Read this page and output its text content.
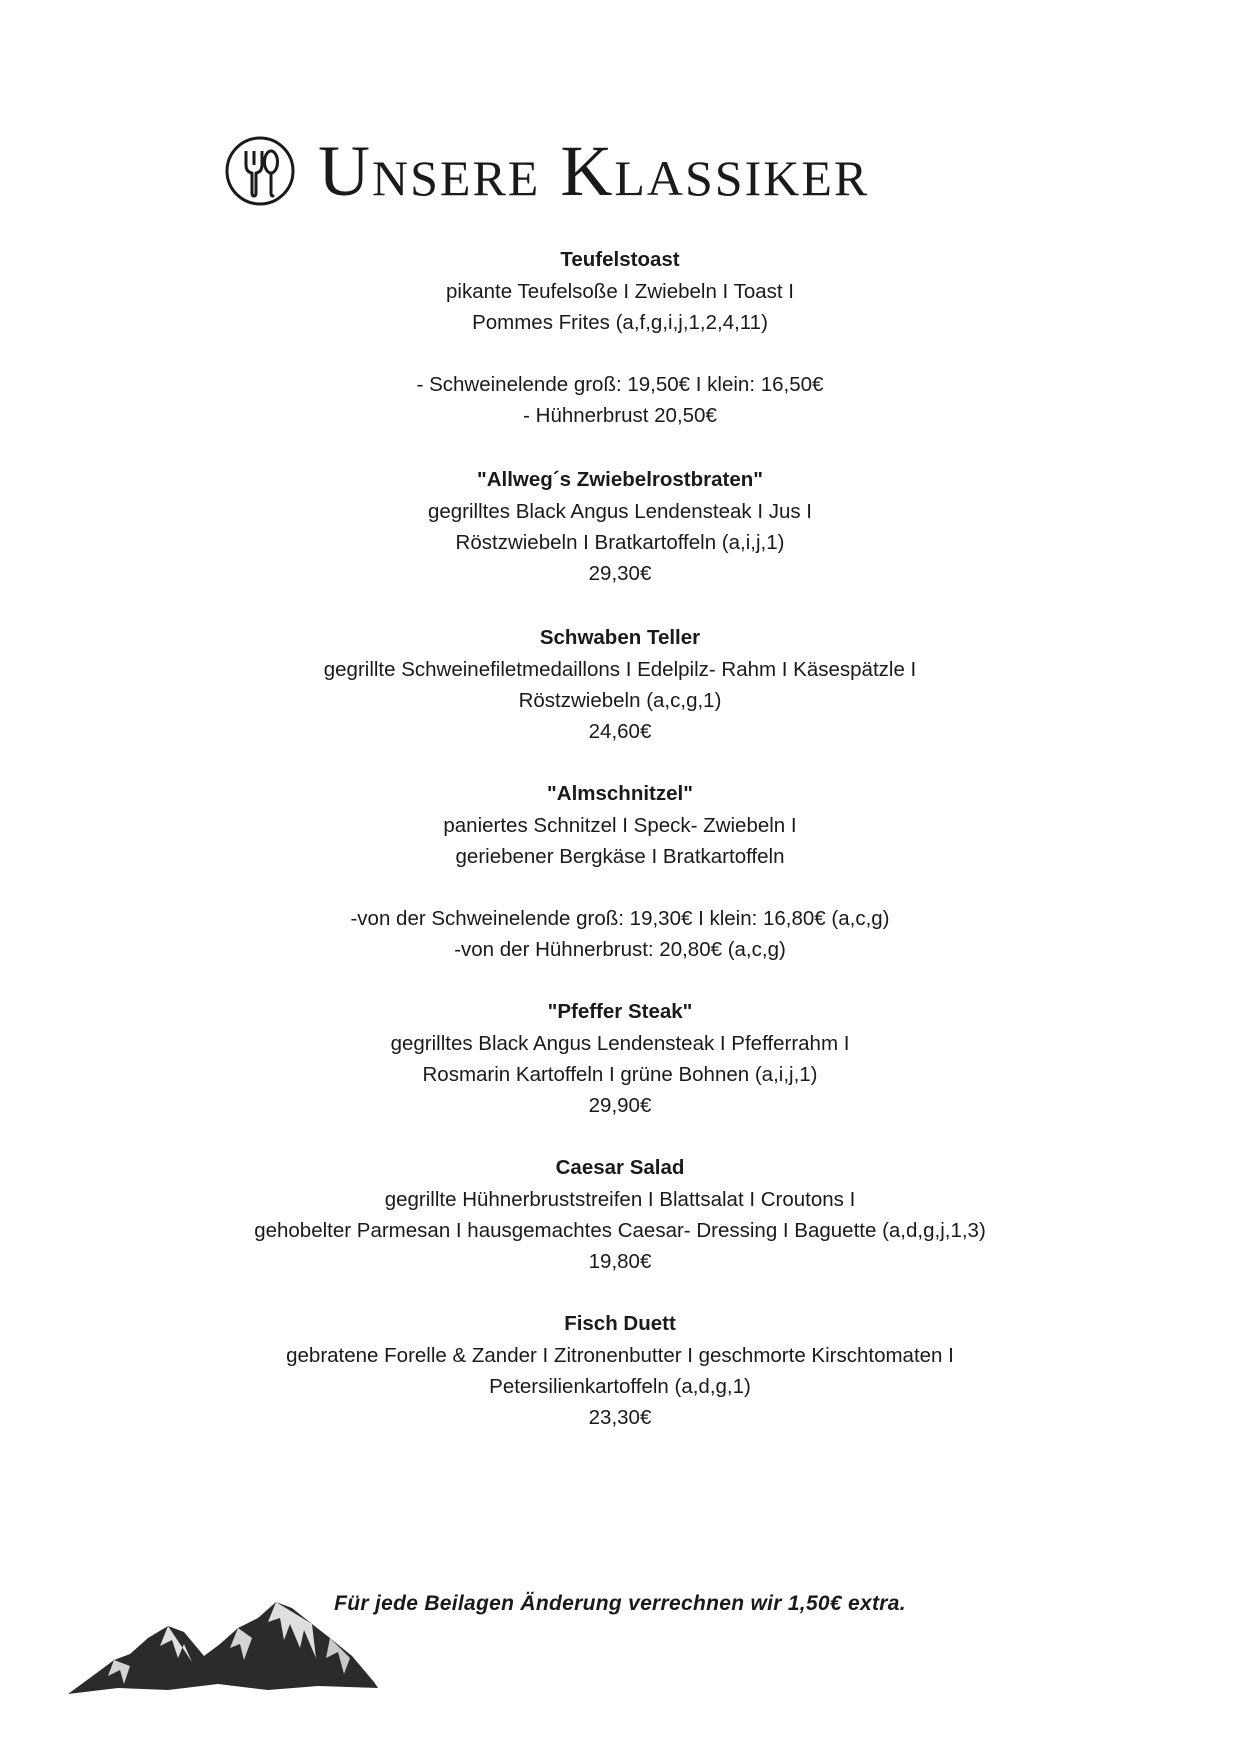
Unsere Klassiker
Teufelstoast
pikante Teufelsoße I Zwiebeln I Toast I
Pommes Frites (a,f,g,i,j,1,2,4,11)
- Schweinelende groß: 19,50€ I klein: 16,50€
- Hühnerbrust 20,50€
"Allweg´s Zwiebelrostbraten"
gegrilltes Black Angus Lendensteak I Jus I
Röstzwiebeln I Bratkartoffeln (a,i,j,1)
29,30€
Schwaben Teller
gegrillte Schweinefiletmedaillons I Edelpilz- Rahm I Käsespätzle I
Röstzwiebeln (a,c,g,1)
24,60€
"Almschnitzel"
paniertes Schnitzel I Speck- Zwiebeln I
geriebener Bergkäse I Bratkartoffeln
-von der Schweinelende groß: 19,30€ I klein: 16,80€ (a,c,g)
-von der Hühnerbrust: 20,80€ (a,c,g)
"Pfeffer Steak"
gegrilltes Black Angus Lendensteak I Pfefferrahm I
Rosmarin Kartoffeln I grüne Bohnen (a,i,j,1)
29,90€
Caesar Salad
gegrillte Hühnerbruststreifen I Blattsalat I Croutons I
gehobelter Parmesan I hausgemachtes Caesar- Dressing I Baguette (a,d,g,j,1,3)
19,80€
Fisch Duett
gebratene Forelle & Zander I Zitronenbutter I geschmorte Kirschtomaten I
Petersilienkartoffeln (a,d,g,1)
23,30€
Für jede Beilagen Änderung verrechnen wir 1,50€ extra.
